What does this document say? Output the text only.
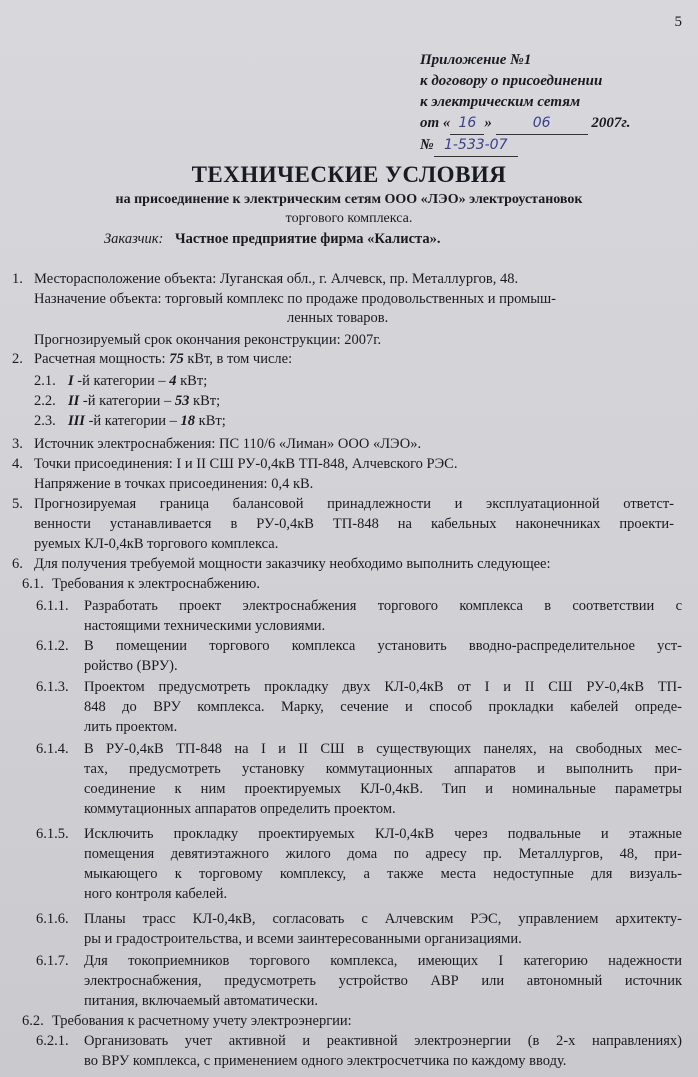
5
Приложение №1
к договору о присоединении
к электрическим сетям
от « 16 »	06	2007г.
№ 1-533-07
ТЕХНИЧЕСКИЕ УСЛОВИЯ
на присоединение к электрическим сетям ООО «ЛЭО» электроустановок
торгового комплекса.
Заказчик: Частное предприятие фирма «Калиста».
1. Месторасположение объекта: Луганская обл., г. Алчевск, пр. Металлургов, 48.
Назначение объекта: торговый комплекс по продаже продовольственных и промыш-
ленных товаров.
Прогнозируемый срок окончания реконструкции: 2007г.
2. Расчетная мощность: 75 кВт, в том числе:
2.1. I -й категории – 4 кВт;
2.2. II -й категории – 53 кВт;
2.3. III -й категории – 18 кВт;
3. Источник электроснабжения: ПС 110/6 «Лиман» ООО «ЛЭО».
4. Точки присоединения: I и II СШ РУ-0,4кВ ТП-848, Алчевского РЭС.
Напряжение в точках присоединения: 0,4 кВ.
5. Прогнозируемая граница балансовой принадлежности и эксплуатационной ответст-
венности устанавливается в РУ-0,4кВ ТП-848 на кабельных наконечниках проекти-
руемых КЛ-0,4кВ торгового комплекса.
6. Для получения требуемой мощности заказчику необходимо выполнить следующее:
6.1. Требования к электроснабжению.
6.1.1. Разработать проект электроснабжения торгового комплекса в соответствии с
настоящими техническими условиями.
6.1.2. В помещении торгового комплекса установить вводно-распределительное уст-
ройство (ВРУ).
6.1.3. Проектом предусмотреть прокладку двух КЛ-0,4кВ от I и II СШ РУ-0,4кВ ТП-
848 до ВРУ комплекса. Марку, сечение и способ прокладки кабелей опреде-
лить проектом.
6.1.4. В РУ-0,4кВ ТП-848 на I и II СШ в существующих панелях, на свободных мес-
тах, предусмотреть установку коммутационных аппаратов и выполнить при-
соединение к ним проектируемых КЛ-0,4кВ. Тип и номинальные параметры
коммутационных аппаратов определить проектом.
6.1.5. Исключить прокладку проектируемых КЛ-0,4кВ через подвальные и этажные
помещения девятиэтажного жилого дома по адресу пр. Металлургов, 48, при-
мыкающего к торговому комплексу, а также места недоступные для визуаль-
ного контроля кабелей.
6.1.6. Планы трасс КЛ-0,4кВ, согласовать с Алчевским РЭС, управлением архитекту-
ры и градостроительства, и всеми заинтересованными организациями.
6.1.7. Для токоприемников торгового комплекса, имеющих I категорию надежности
электроснабжения, предусмотреть устройство АВР или автономный источник
питания, включаемый автоматически.
6.2. Требования к расчетному учету электроэнергии:
6.2.1. Организовать учет активной и реактивной электроэнергии (в 2-х направлениях)
во ВРУ комплекса, с применением одного электросчетчика по каждому вводу.
